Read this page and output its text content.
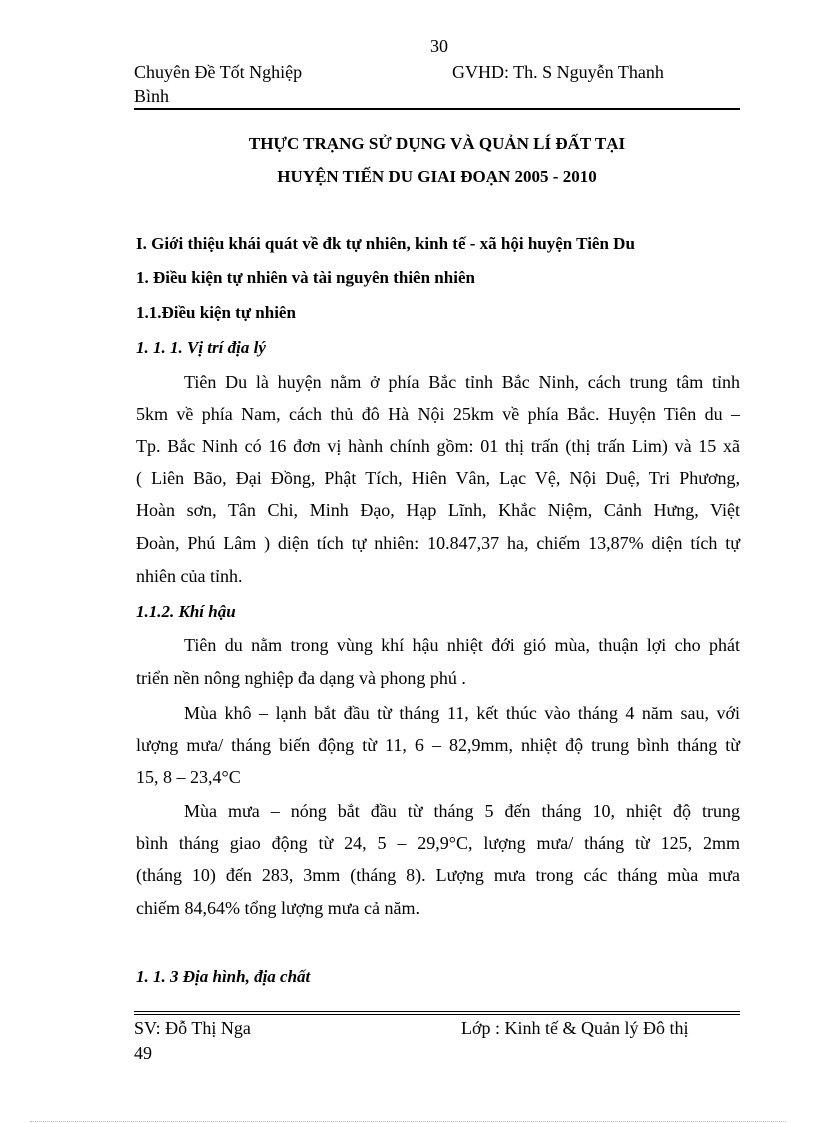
30
Chuyên Đề Tốt Nghiệp	GVHD: Th. S Nguyễn Thanh
Bình
THỰC TRẠNG SỬ DỤNG VÀ QUẢN LÍ ĐẤT TẠI
HUYỆN TIẾN DU GIAI ĐOẠN 2005 - 2010
I. Giới thiệu khái quát về đk tự nhiên, kinh tế - xã hội huyện Tiên Du
1. Điều kiện tự nhiên và tài nguyên thiên nhiên
1.1.Điều kiện tự nhiên
1. 1. 1. Vị trí địa lý
Tiên Du là huyện nằm ở phía Bắc tỉnh Bắc Ninh, cách trung tâm tỉnh
5km về phía Nam, cách thủ đô Hà Nội 25km về phía Bắc. Huyện Tiên du –
Tp. Bắc Ninh có 16 đơn vị hành chính gồm: 01 thị trấn (thị trấn Lim) và 15 xã
( Liên Bão, Đại Đồng, Phật Tích, Hiên Vân, Lạc Vệ, Nội Duệ, Tri Phương,
Hoàn sơn, Tân Chi, Minh Đạo, Hạp Lĩnh, Khắc Niệm, Cảnh Hưng, Việt
Đoàn, Phú Lâm ) diện tích tự nhiên: 10.847,37 ha, chiếm 13,87% diện tích tự
nhiên của tỉnh.
1.1.2. Khí hậu
Tiên du nằm trong vùng khí hậu nhiệt đới gió mùa, thuận lợi cho phát
triển nền nông nghiệp đa dạng và phong phú .
Mùa khô – lạnh bắt đầu từ tháng 11, kết thúc vào tháng 4 năm sau, với
lượng mưa/ tháng biến động từ 11, 6 – 82,9mm, nhiệt độ trung bình tháng từ
15, 8 – 23,4°C
Mùa mưa – nóng bắt đầu từ tháng 5 đến tháng 10, nhiệt độ trung
bình tháng giao động từ 24, 5 – 29,9°C, lượng mưa/ tháng từ 125, 2mm
(tháng 10) đến 283, 3mm (tháng 8). Lượng mưa trong các tháng mùa mưa
chiếm 84,64% tổng lượng mưa cả năm.
1. 1. 3 Địa hình, địa chất
SV: Đỗ Thị Nga	Lớp : Kinh tế & Quản lý Đô thị
49
